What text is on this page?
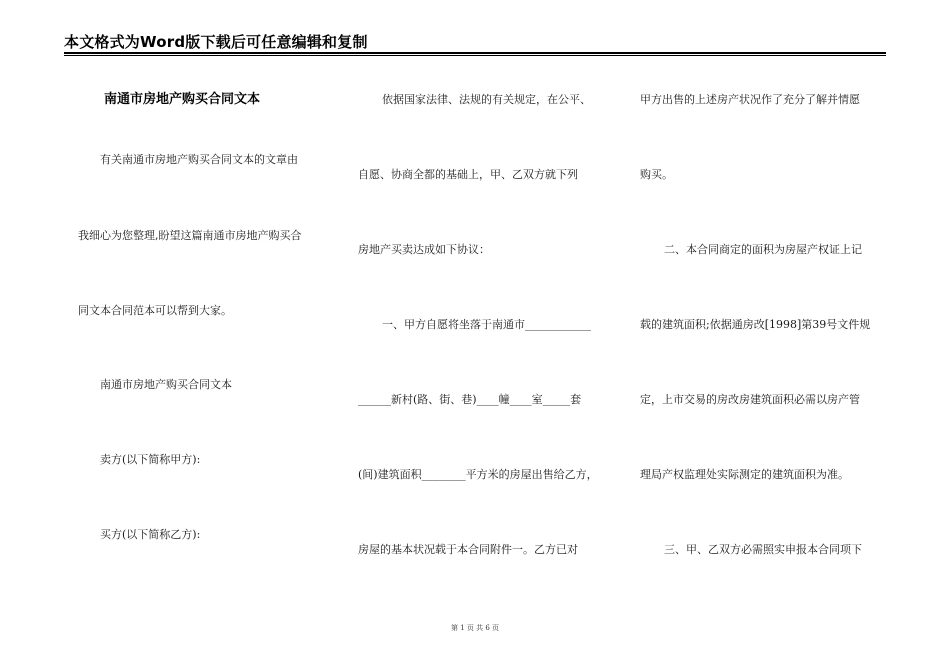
本文格式为Word版下载后可任意编辑和复制
南通市房地产购买合同文本
有关南通市房地产购买合同文本的文章由
我细心为您整理,盼望这篇南通市房地产购买合
同文本合同范本可以帮到大家。
南通市房地产购买合同文本
卖方(以下简称甲方):
买方(以下简称乙方):
依据国家法律、法规的有关规定，在公平、
自愿、协商全都的基础上，甲、乙双方就下列
房地产买卖达成如下协议：
一、甲方自愿将坐落于南通市____________
______新村(路、街、巷)____幢____室_____套
(间)建筑面积________平方米的房屋出售给乙方，
房屋的基本状况载于本合同附件一。乙方已对
甲方出售的上述房产状况作了充分了解并情愿
购买。
二、本合同商定的面积为房屋产权证上记
载的建筑面积;依据通房改[1998]第39号文件规
定，上市交易的房改房建筑面积必需以房产管
理局产权监理处实际测定的建筑面积为准。
三、甲、乙双方必需照实申报本合同项下
第 1 页 共 6 页
